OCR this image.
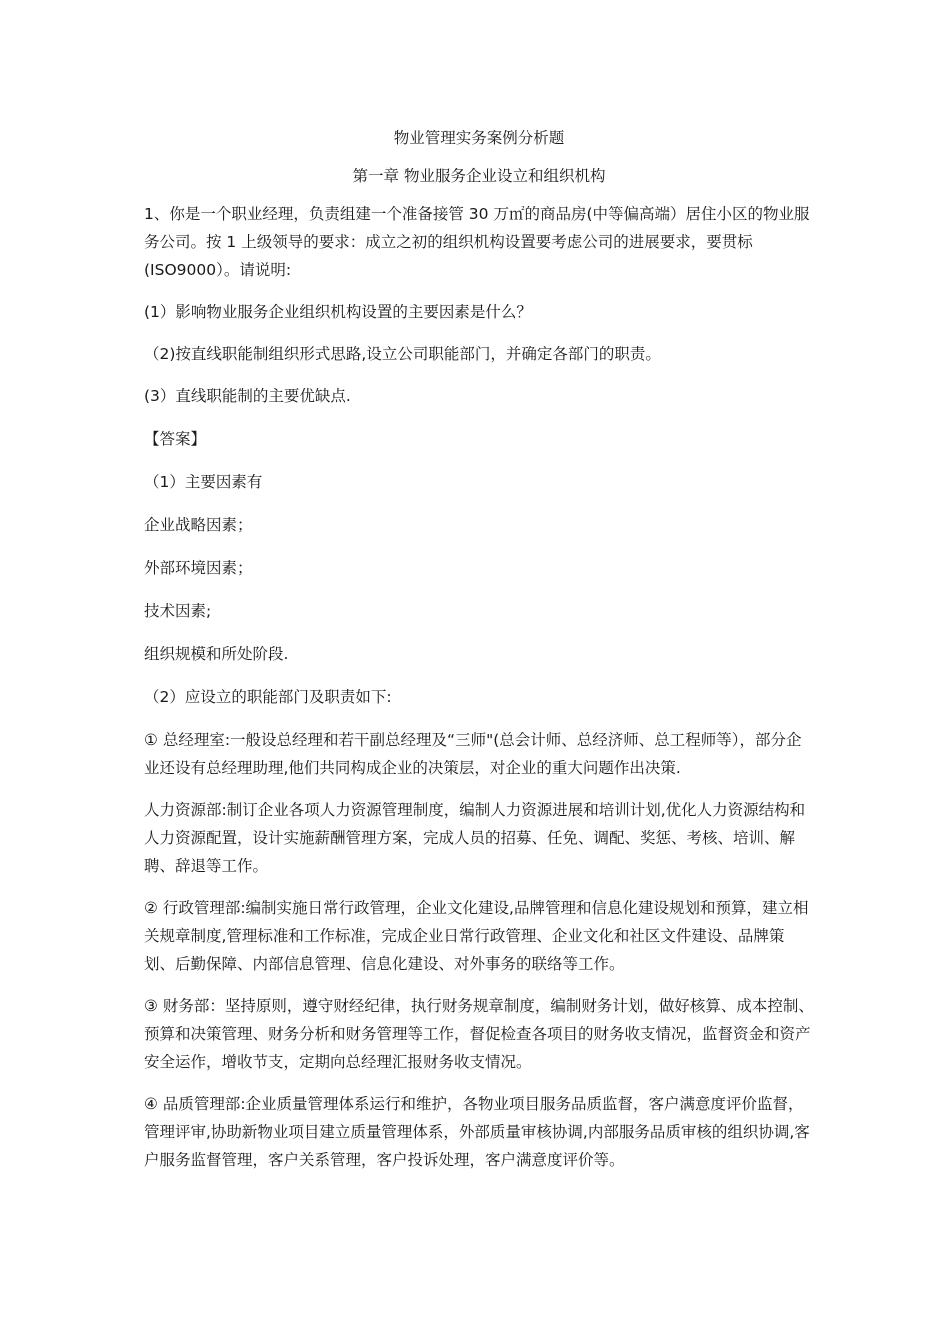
物业管理实务案例分析题

第一章 物业服务企业设立和组织机构

1、你是一个职业经理，负责组建一个准备接管 30 万㎡的商品房(中等偏高端）居住小区的物业服务公司。按 1 上级领导的要求：成立之初的组织机构设置要考虑公司的进展要求，要贯标(ISO9000）。请说明:

(1）影响物业服务企业组织机构设置的主要因素是什么？

（2)按直线职能制组织形式思路,设立公司职能部门，并确定各部门的职责。

(3）直线职能制的主要优缺点.

【答案】

（1）主要因素有

企业战略因素；

外部环境因素；

技术因素;

组织规模和所处阶段.

（2）应设立的职能部门及职责如下:

① 总经理室:一般设总经理和若干副总经理及“三师"(总会计师、总经济师、总工程师等），部分企业还设有总经理助理,他们共同构成企业的决策层，对企业的重大问题作出决策.

人力资源部:制订企业各项人力资源管理制度，编制人力资源进展和培训计划,优化人力资源结构和人力资源配置，设计实施薪酬管理方案，完成人员的招募、任免、调配、奖惩、考核、培训、解聘、辞退等工作。

② 行政管理部:编制实施日常行政管理，企业文化建设,品牌管理和信息化建设规划和预算，建立相关规章制度,管理标准和工作标准，完成企业日常行政管理、企业文化和社区文件建设、品牌策划、后勤保障、内部信息管理、信息化建设、对外事务的联络等工作。

③ 财务部：坚持原则，遵守财经纪律，执行财务规章制度，编制财务计划，做好核算、成本控制、预算和决策管理、财务分析和财务管理等工作，督促检查各项目的财务收支情况，监督资金和资产安全运作，增收节支，定期向总经理汇报财务收支情况。

④ 品质管理部:企业质量管理体系运行和维护，各物业项目服务品质监督，客户满意度评价监督，管理评审,协助新物业项目建立质量管理体系，外部质量审核协调,内部服务品质审核的组织协调,客户服务监督管理，客户关系管理，客户投诉处理，客户满意度评价等。
